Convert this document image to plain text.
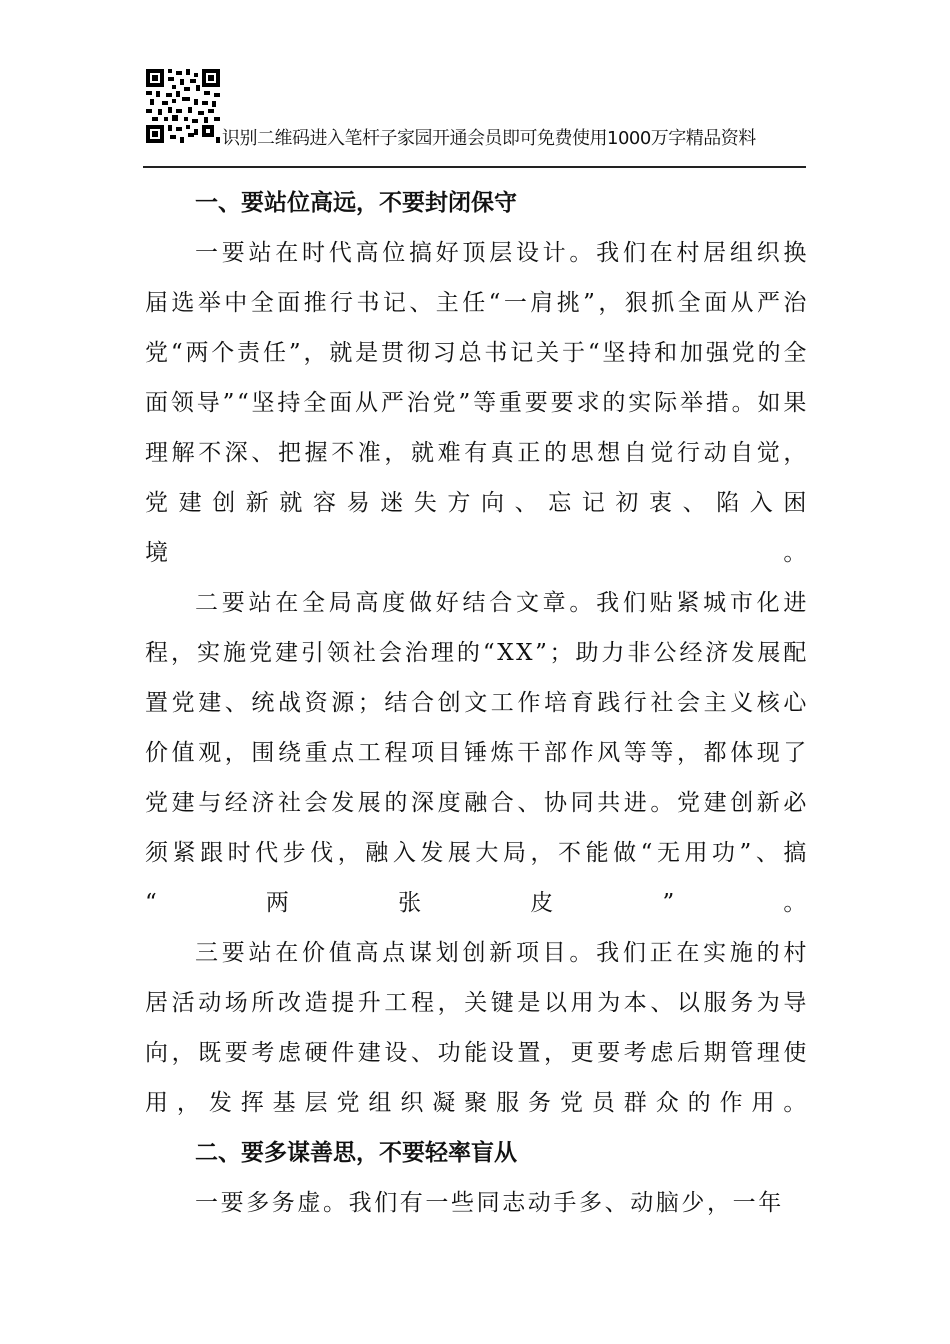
识别二维码进入笔杆子家园开通会员即可免费使用1000万字精品资料
一、要站位高远，不要封闭保守

一要站在时代高位搞好顶层设计。我们在村居组织换届选举中全面推行书记、主任“一肩挑”，狠抓全面从严治党“两个责任”，就是贯彻习总书记关于“坚持和加强党的全面领导”“坚持全面从严治党”等重要要求的实际举措。如果理解不深、把握不准，就难有真正的思想自觉行动自觉，党建创新就容易迷失方向、忘记初衷、陷入困
境。

二要站在全局高度做好结合文章。我们贴紧城市化进程，实施党建引领社会治理的“XX”；助力非公经济发展配置党建、统战资源；结合创文工作培育践行社会主义核心价值观，围绕重点工程项目锤炼干部作风等等，都体现了党建与经济社会发展的深度融合、协同共进。党建创新必须紧跟时代步伐，融入发展大局，不能做“无用功”、搞
“两张皮”。

三要站在价值高点谋划创新项目。我们正在实施的村居活动场所改造提升工程，关键是以用为本、以服务为导向，既要考虑硬件建设、功能设置，更要考虑后期管理使
用，发挥基层党组织凝聚服务党员群众的作用。

二、要多谋善思，不要轻率盲从

一要多务虚。我们有一些同志动手多、动脑少，一年
